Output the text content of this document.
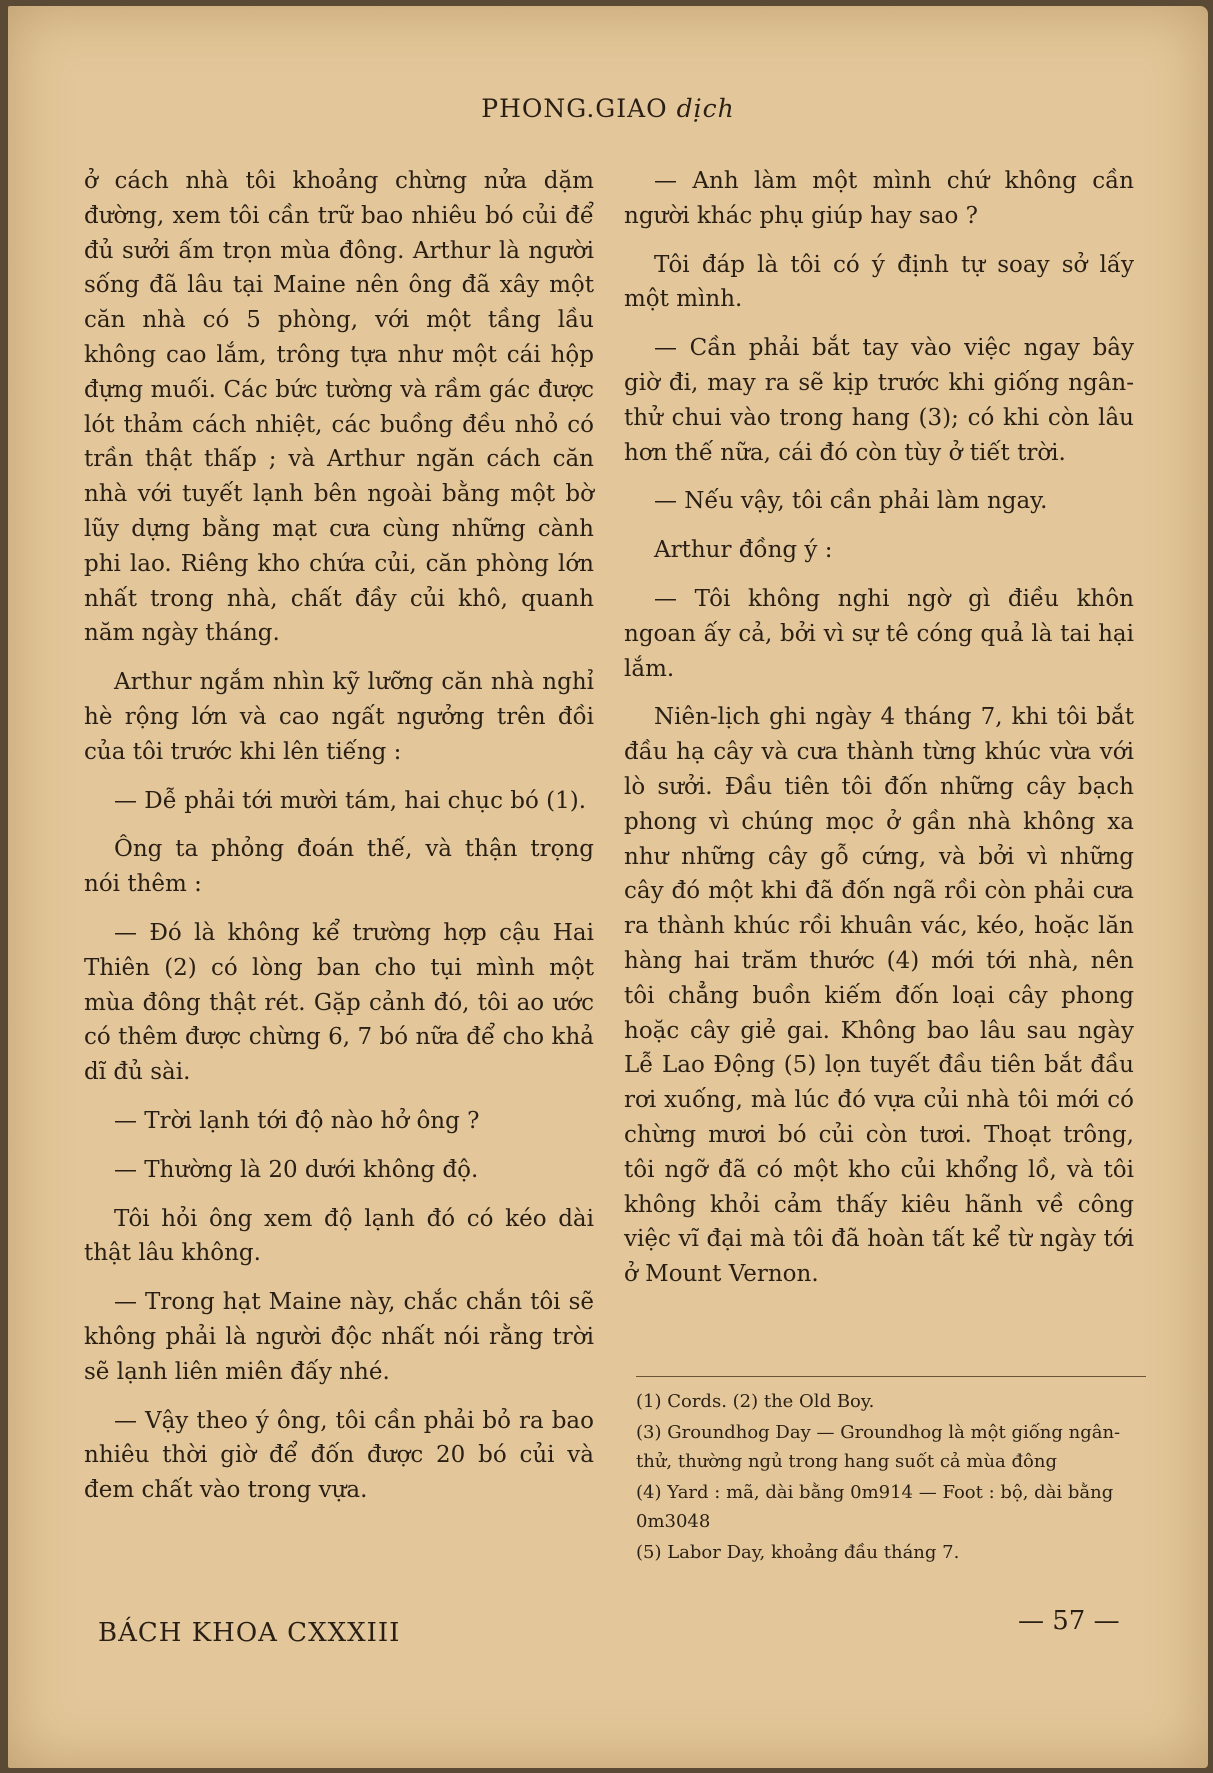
PHONG.GIAO dịch

ở cách nhà tôi khoảng chừng nửa dặm đường, xem tôi cần trữ bao nhiêu bó củi để đủ sưởi ấm trọn mùa đông. Arthur là người sống đã lâu tại Maine nên ông đã xây một căn nhà có 5 phòng, với một tầng lầu không cao lắm, trông tựa như một cái hộp đựng muối. Các bức tường và rầm gác được lót thảm cách nhiệt, các buồng đều nhỏ có trần thật thấp ; và Arthur ngăn cách căn nhà với tuyết lạnh bên ngoài bằng một bờ lũy dựng bằng mạt cưa cùng những cành phi lao. Riêng kho chứa củi, căn phòng lớn nhất trong nhà, chất đầy củi khô, quanh năm ngày tháng.

Arthur ngắm nhìn kỹ lưỡng căn nhà nghỉ hè rộng lớn và cao ngất ngưởng trên đồi của tôi trước khi lên tiếng :

— Dễ phải tới mười tám, hai chục bó (1).

Ông ta phỏng đoán thế, và thận trọng nói thêm :

— Đó là không kể trường hợp cậu Hai Thiên (2) có lòng ban cho tụi mình một mùa đông thật rét. Gặp cảnh đó, tôi ao ước có thêm được chừng 6, 7 bó nữa để cho khả dĩ đủ sài.

— Trời lạnh tới độ nào hở ông ?

— Thường là 20 dưới không độ.

Tôi hỏi ông xem độ lạnh đó có kéo dài thật lâu không.

— Trong hạt Maine này, chắc chắn tôi sẽ không phải là người độc nhất nói rằng trời sẽ lạnh liên miên đấy nhé.

— Vậy theo ý ông, tôi cần phải bỏ ra bao nhiêu thời giờ để đốn được 20 bó củi và đem chất vào trong vựa.

— Anh làm một mình chứ không cần người khác phụ giúp hay sao ?

Tôi đáp là tôi có ý định tự soay sở lấy một mình.

— Cần phải bắt tay vào việc ngay bây giờ đi, may ra sẽ kịp trước khi giống ngân-thử chui vào trong hang (3); có khi còn lâu hơn thế nữa, cái đó còn tùy ở tiết trời.

— Nếu vậy, tôi cần phải làm ngay.

Arthur đồng ý :

— Tôi không nghi ngờ gì điều khôn ngoan ấy cả, bởi vì sự tê cóng quả là tai hại lắm.

Niên-lịch ghi ngày 4 tháng 7, khi tôi bắt đầu hạ cây và cưa thành từng khúc vừa với lò sưởi. Đầu tiên tôi đốn những cây bạch phong vì chúng mọc ở gần nhà không xa như những cây gỗ cứng, và bởi vì những cây đó một khi đã đốn ngã rồi còn phải cưa ra thành khúc rồi khuân vác, kéo, hoặc lăn hàng hai trăm thước (4) mới tới nhà, nên tôi chẳng buồn kiếm đốn loại cây phong hoặc cây giẻ gai. Không bao lâu sau ngày Lễ Lao Động (5) lọn tuyết đầu tiên bắt đầu rơi xuống, mà lúc đó vựa củi nhà tôi mới có chừng mươi bó củi còn tươi. Thoạt trông, tôi ngỡ đã có một kho củi khổng lồ, và tôi không khỏi cảm thấy kiêu hãnh về công việc vĩ đại mà tôi đã hoàn tất kể từ ngày tới ở Mount Vernon.

(1) Cords. (2) the Old Boy.

(3) Groundhog Day — Groundhog là một giống ngân-thử, thường ngủ trong hang suốt cả mùa đông

(4) Yard : mã, dài bằng 0m914 — Foot : bộ, dài bằng 0m3048

(5) Labor Day, khoảng đầu tháng 7.

BÁCH KHOA CXXXIII	— 57 —
